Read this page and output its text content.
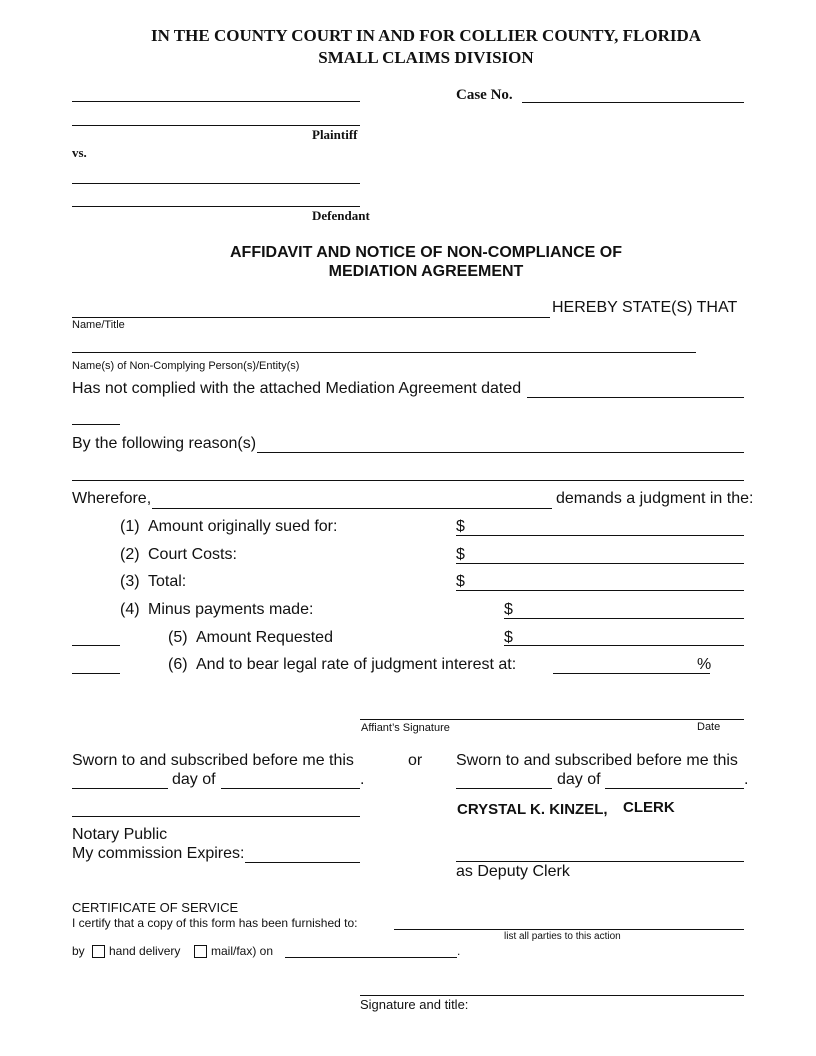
IN THE COUNTY COURT IN AND FOR COLLIER COUNTY, FLORIDA
SMALL CLAIMS DIVISION
Plaintiff
vs.
Case No.
Defendant
AFFIDAVIT AND NOTICE OF NON-COMPLIANCE OF
MEDIATION AGREEMENT
HEREBY STATE(S) THAT
Name/Title
Name(s) of Non-Complying Person(s)/Entity(s)
Has not complied with the attached Mediation Agreement dated
By the following reason(s)
Wherefore,	demands a judgment in the:
(1) Amount originally sued for:	$
(2) Court Costs:	$
(3) Total:	$
(4) Minus payments made:	$
(5) Amount Requested	$
(6) And to bear legal rate of judgment interest at:	%
Affiant’s Signature	Date
Sworn to and subscribed before me this
day of	.
or Sworn to and subscribed before me this
day of	.
Notary Public
My commission Expires:
CRYSTAL K. KINZEL, CLERK
as Deputy Clerk
CERTIFICATE OF SERVICE
I certify that a copy of this form has been furnished to:
list all parties to this action
by hand delivery	mail/fax) on	.
Signature and title:
